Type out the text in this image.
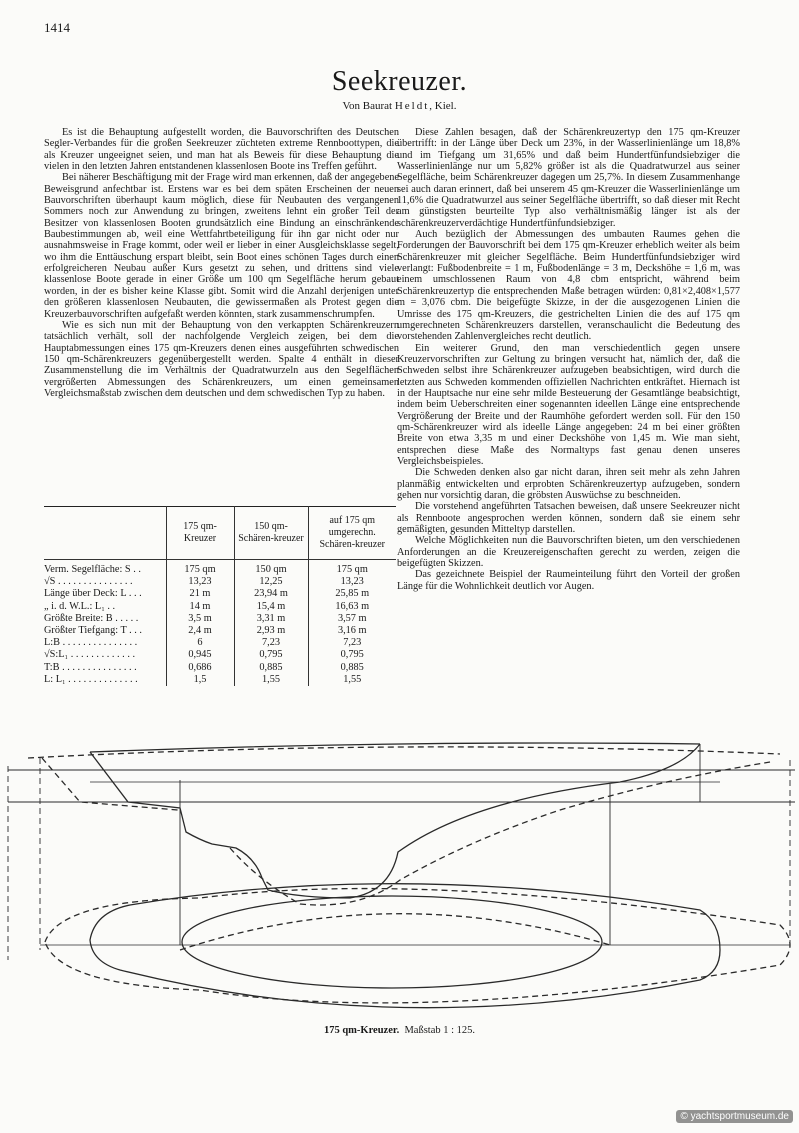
1414
Seekreuzer.
Von Baurat Heldt, Kiel.

Es ist die Behauptung aufgestellt worden, die Bauvorschriften des Deutschen Segler-Verbandes für die großen Seekreuzer züchteten extreme Rennboottypen, die als Kreuzer ungeeignet seien, und man hat als Beweis für diese Behauptung die vielen in den letzten Jahren entstandenen klassenlosen Boote ins Treffen geführt.

Bei näherer Beschäftigung mit der Frage wird man erkennen, daß der angegebene Beweisgrund anfechtbar ist. Erstens war es bei dem späten Erscheinen der neuen Bauvorschriften überhaupt kaum möglich, diese für Neubauten des vergangenen Sommers noch zur Anwendung zu bringen, zweitens lehnt ein großer Teil der Besitzer von klassenlosen Booten grundsätzlich eine Bindung an einschränkende Baubestimmungen ab, weil eine Wettfahrtbeteiligung für ihn gar nicht oder nur ausnahmsweise in Frage kommt, oder weil er lieber in einer Ausgleichsklasse segelt, wo ihm die Enttäuschung erspart bleibt, sein Boot eines schönen Tages durch einen erfolgreicheren Neubau außer Kurs gesetzt zu sehen, und drittens sind viele klassenlose Boote gerade in einer Größe um 100 qm Segelfläche herum gebaut worden, in der es bisher keine Klasse gibt. Somit wird die Anzahl derjenigen unter den größeren klassenlosen Neubauten, die gewissermaßen als Protest gegen die Kreuzerbauvorschriften aufgefaßt werden könnten, stark zusammenschrumpfen.

Wie es sich nun mit der Behauptung von den verkappten Schärenkreuzern tatsächlich verhält, soll der nachfolgende Vergleich zeigen, bei dem die Hauptabmessungen eines 175 qm-Kreuzers denen eines ausgeführten schwedischen 150 qm-Schärenkreuzers gegenübergestellt werden. Spalte 4 enthält in dieser Zusammenstellung die im Verhältnis der Quadratwurzeln aus den Segelflächen vergrößerten Abmessungen des Schärenkreuzers, um einen gemeinsamen Vergleichsmaßstab zwischen dem deutschen und dem schwedischen Typ zu haben.

	175 qm-Kreuzer	150 qm-Schären-kreuzer	auf 175 qm umgerechn. Schären-kreuzer
Verm. Segelfläche: S . .	175 qm	150 qm	175 qm
√S . . . . . . . . . . . . . . .	13,23	12,25	13,23
Länge über Deck: L . . .	21 m	23,94 m	25,85 m
„ i. d. W.L.: L₁ . .	14 m	15,4 m	16,63 m
Größte Breite: B . . . . .	3,5 m	3,31 m	3,57 m
Größter Tiefgang: T . . .	2,4 m	2,93 m	3,16 m
L:B . . . . . . . . . . . . . . .	6	7,23	7,23
√S:L₁ . . . . . . . . . . . . .	0,945	0,795	0,795
T:B . . . . . . . . . . . . . . .	0,686	0,885	0,885
L: L₁ . . . . . . . . . . . . . .	1,5	1,55	1,55

Diese Zahlen besagen, daß der Schärenkreuzertyp den 175 qm-Kreuzer übertrifft: in der Länge über Deck um 23%, in der Wasserlinienlänge um 18,8% und im Tiefgang um 31,65% und daß beim Hundertfünfundsiebziger die Wasserlinienlänge nur um 5,82% größer ist als die Quadratwurzel aus seiner Segelfläche, beim Schärenkreuzer dagegen um 25,7%. In diesem Zusammenhange sei auch daran erinnert, daß bei unserem 45 qm-Kreuzer die Wasserlinienlänge um 11,6% die Quadratwurzel aus seiner Segelfläche übertrifft, so daß dieser mit Recht am günstigsten beurteilte Typ also verhältnismäßig länger ist als der schärenkreuzerverdächtige Hundertfünfundsiebziger.

Auch bezüglich der Abmessungen des umbauten Raumes gehen die Forderungen der Bauvorschrift bei dem 175 qm-Kreuzer erheblich weiter als beim Schärenkreuzer mit gleicher Segelfläche. Beim Hundertfünfundsiebziger wird verlangt: Fußbodenbreite = 1 m, Fußbodenlänge = 3 m, Deckshöhe = 1,6 m, was einem umschlossenen Raum von 4,8 cbm entspricht, während beim Schärenkreuzertyp die entsprechenden Maße betragen würden: 0,81×2,408×1,577 m = 3,076 cbm. Die beigefügte Skizze, in der die ausgezogenen Linien die Umrisse des 175 qm-Kreuzers, die gestrichelten Linien die des auf 175 qm umgerechneten Schärenkreuzers darstellen, veranschaulicht die Bedeutung des vorstehenden Zahlenvergleiches recht deutlich.

Ein weiterer Grund, den man verschiedentlich gegen unsere Kreuzervorschriften zur Geltung zu bringen versucht hat, nämlich der, daß die Schweden selbst ihre Schärenkreuzer aufzugeben beabsichtigen, wird durch die letzten aus Schweden kommenden offiziellen Nachrichten entkräftet. Hiernach ist in der Hauptsache nur eine sehr milde Besteuerung der Gesamtlänge beabsichtigt, indem beim Ueberschreiten einer sogenannten ideellen Länge eine entsprechende Vergrößerung der Breite und der Raumhöhe gefordert werden soll. Für den 150 qm-Schärenkreuzer wird als ideelle Länge angegeben: 24 m bei einer größten Breite von etwa 3,35 m und einer Deckshöhe von 1,45 m. Wie man sieht, entsprechen diese Maße des Normaltyps fast genau denen unseres Vergleichsbeispieles.

Die Schweden denken also gar nicht daran, ihren seit mehr als zehn Jahren planmäßig entwickelten und erprobten Schärenkreuzertyp aufzugeben, sondern gehen nur vorsichtig daran, die gröbsten Auswüchse zu beschneiden.

Die vorstehend angeführten Tatsachen beweisen, daß unsere Seekreuzer nicht als Rennboote angesprochen werden können, sondern daß sie einem sehr gemäßigten, gesunden Mitteltyp darstellen.

Welche Möglichkeiten nun die Bauvorschriften bieten, um den verschiedenen Anforderungen an die Kreuzereigenschaften gerecht zu werden, zeigen die beigefügten Skizzen.

Das gezeichnete Beispiel der Raumeinteilung führt den Vorteil der großen Länge für die Wohnlichkeit deutlich vor Augen.

175 qm-Kreuzer. Maßstab 1 : 125.
© yachtsportmuseum.de
